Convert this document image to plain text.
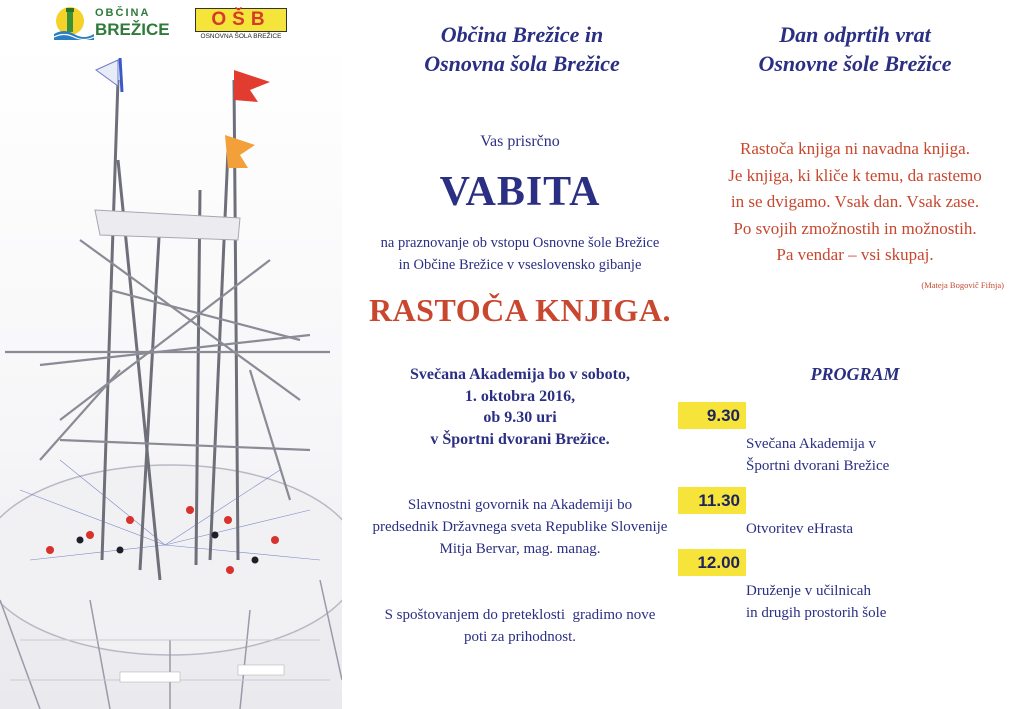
OBČINA
BREŽICE	OŠB
OSNOVNA ŠOLA BREŽICE	Občina Brežice in
Osnovna šola Brežice
Dan odprtih vrat
Osnovne šole Brežice
Vas prisrčno
VABITA
na praznovanje ob vstopu Osnovne šole Brežice
in Občine Brežice v vseslovensko gibanje
RASTOČA KNJIGA.
Svečana Akademija bo v soboto,
1. oktobra 2016,
ob 9.30 uri
v Športni dvorani Brežice.
Slavnostni govornik na Akademiji bo
predsednik Državnega sveta Republike Slovenije
Mitja Bervar, mag. manag.
S spoštovanjem do preteklosti  gradimo nove
poti za prihodnost.
Rastoča knjiga ni navadna knjiga.
Je knjiga, ki kliče k temu, da rastemo
in se dvigamo. Vsak dan. Vsak zase.
Po svojih zmožnostih in možnostih.
Pa vendar – vsi skupaj.
(Mateja Bogovič Fifnja)
PROGRAM
9.30
Svečana Akademija v
Športni dvorani Brežice
11.30
Otvoritev eHrasta
12.00
Druženje v učilnicah
in drugih prostorih šole
